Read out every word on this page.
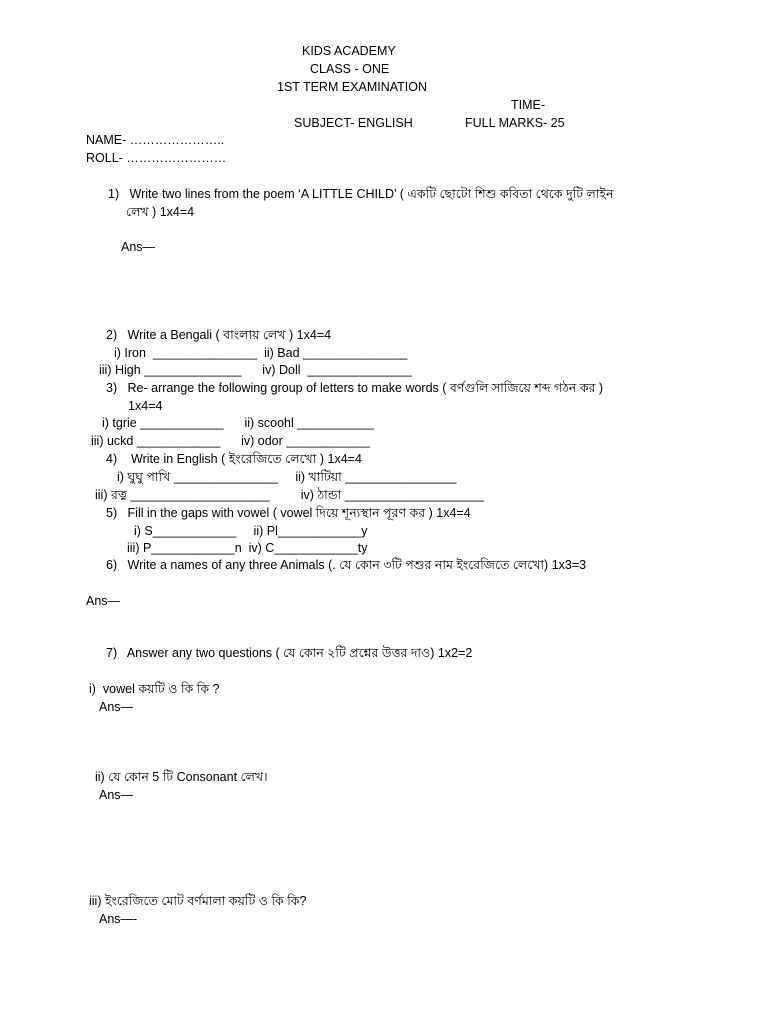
KIDS ACADEMY
CLASS - ONE
1ST TERM EXAMINATION
TIME-
SUBJECT- ENGLISH	FULL MARKS- 25
NAME- …………………..
ROLL- ……………………
1)   Write two lines from the poem ‘A LITTLE CHILD’ ( একটি ছোটো শিশু কবিতা থেকে দুটি লাইন
লেখ ) 1x4=4
Ans—
2)   Write a Bengali ( বাংলায় লেখ ) 1x4=4
i) Iron  _______________  ii) Bad _______________
iii) High ______________      iv) Doll  _______________
3)   Re- arrange the following group of letters to make words ( বর্ণগুলি সাজিয়ে শব্দ গঠন কর )
1x4=4
i) tgrie ____________      ii) scoohl ___________
iii) uckd ____________      iv) odor ____________
4)    Write in English ( ইংরেজিতে লেখো ) 1x4=4
i) ঘুঘু পাখি _______________     ii) খাটিয়া ________________
iii) রত্ন ____________________         iv) ঠান্ডা ____________________
5)   Fill in the gaps with vowel ( vowel দিয়ে শূন্যস্থান পূরণ কর ) 1x4=4
i) S____________     ii) Pl____________y
iii) P____________n  iv) C____________ty
6)   Write a names of any three Animals (. যে কোন ৩টি পশুর নাম ইংরেজিতে লেখো) 1x3=3
Ans—
7)   Answer any two questions ( যে কোন ২টি প্রশ্নের উত্তর দাও) 1x2=2
i)  vowel কয়টি ও কি কি ?
Ans—
ii) যে কোন 5 টি Consonant লেখ।
Ans—
iii) ইংরেজিতে মোট বর্ণমালা কয়টি ও কি কি?
Ans—-
